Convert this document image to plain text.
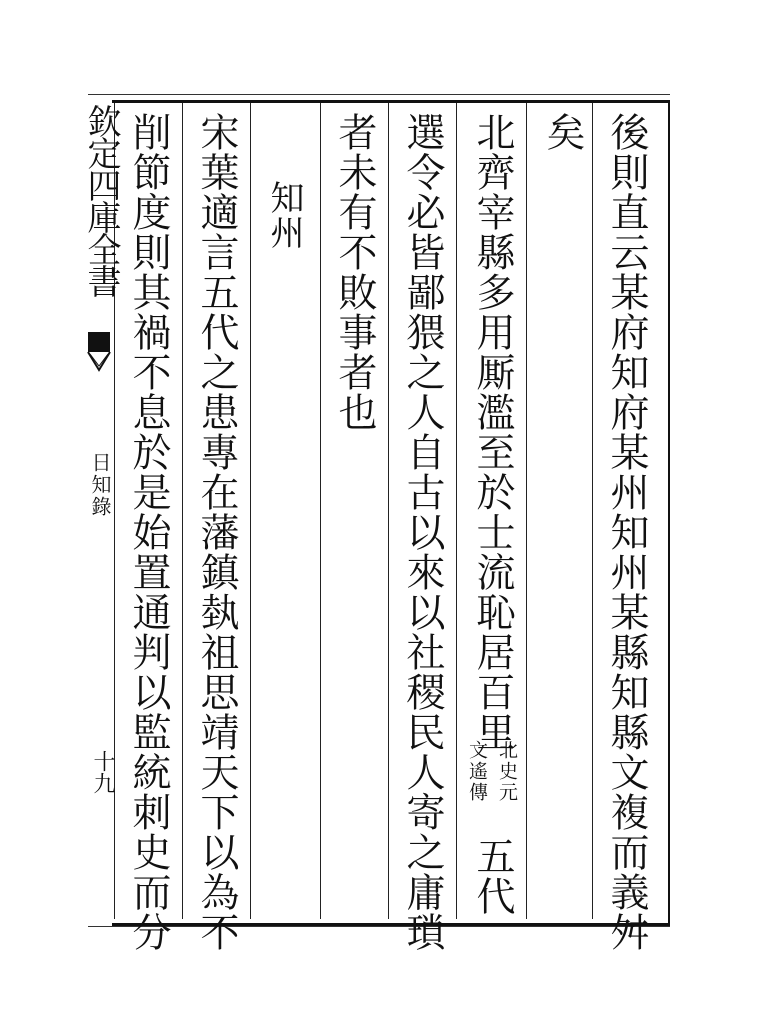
欽定四庫全書
日知錄
十九	後則直云某府知府某州知州某縣知縣文複而義舛
矣
北齊宰縣多用厮濫至於士流恥居百里
北史元
文遙傳
五代
選令必皆鄙猥之人自古以來以社稷民人寄之庸瑣
者未有不敗事者也
知州
宋葉適言五代之患專在藩鎮埶祖思靖天下以為不
削節度則其禍不息於是始置通判以監統刺史而分
